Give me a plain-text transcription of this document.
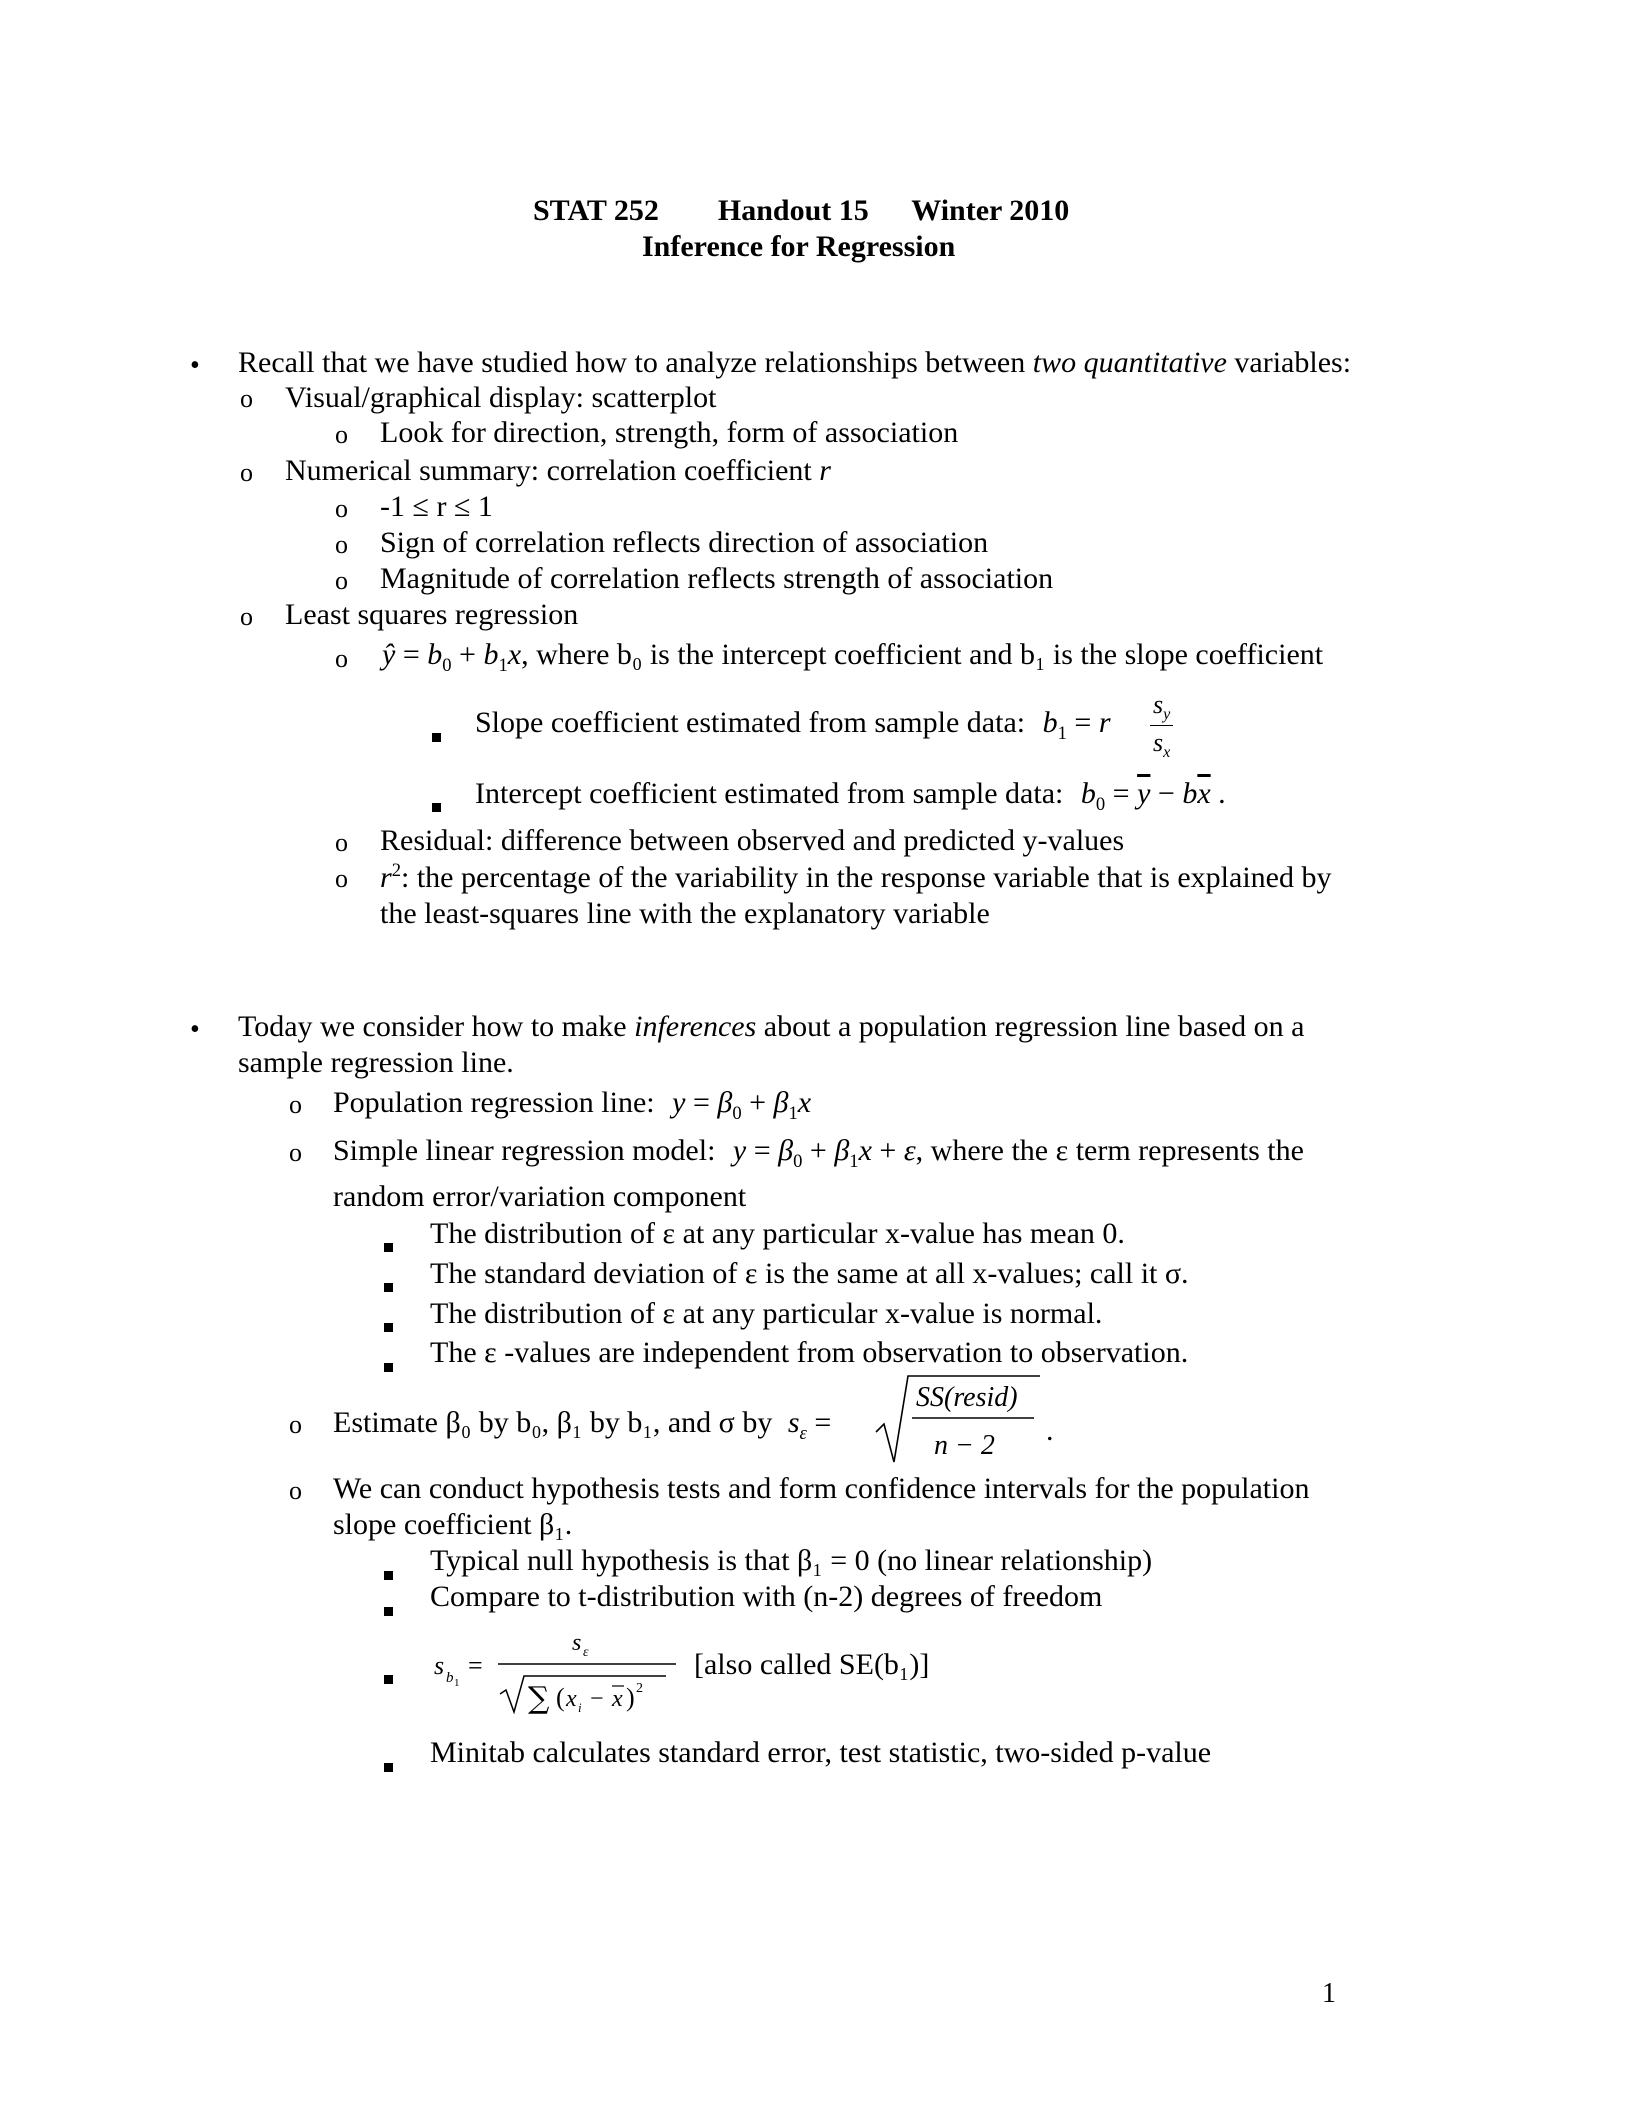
STAT 252 Handout 15 Winter 2010
Inference for Regression
• Recall that we have studied how to analyze relationships between two quantitative variables:
o Visual/graphical display: scatterplot
o Look for direction, strength, form of association
o Numerical summary: correlation coefficient r
o -1 ≤ r ≤ 1
o Sign of correlation reflects direction of association
o Magnitude of correlation reflects strength of association
o Least squares regression
o ŷ = $b_0 + b_1x$, where b₀ is the intercept coefficient and b₁ is the slope coefficient
Slope coefficient estimated from sample data: $b_1 = r$
$s_y$
$s_x$
Intercept coefficient estimated from sample data: $b_0 = \overline{y} - b\overline{x}$ .
o Residual: difference between observed and predicted y-values
o $r^2$: the percentage of the variability in the response variable that is explained by
the least-squares line with the explanatory variable
• Today we consider how to make inferences about a population regression line based on a
sample regression line.
o Population regression line: $y = \beta_0 + \beta_1x$
o Simple linear regression model: $y = \beta_0 + \beta_1x + \varepsilon$, where the ε term represents the
random error/variation component
The distribution of ε at any particular x-value has mean 0.
The standard deviation of ε is the same at all x-values; call it σ.
The distribution of ε at any particular x-value is normal.
The ε -values are independent from observation to observation.
o Estimate β₀ by b₀, β₁ by b₁, and σ by $s_\varepsilon$ =
SS(resid)
n − 2 .
o We can conduct hypothesis tests and form confidence intervals for the population
slope coefficient β₁.
Typical null hypothesis is that β₁ = 0 (no linear relationship)
Compare to t-distribution with (n-2) degrees of freedom
s b 1
=
s ε
∑ ( x i − x ) 2
[also called SE(b₁)]
Minitab calculates standard error, test statistic, two-sided p-value
1
